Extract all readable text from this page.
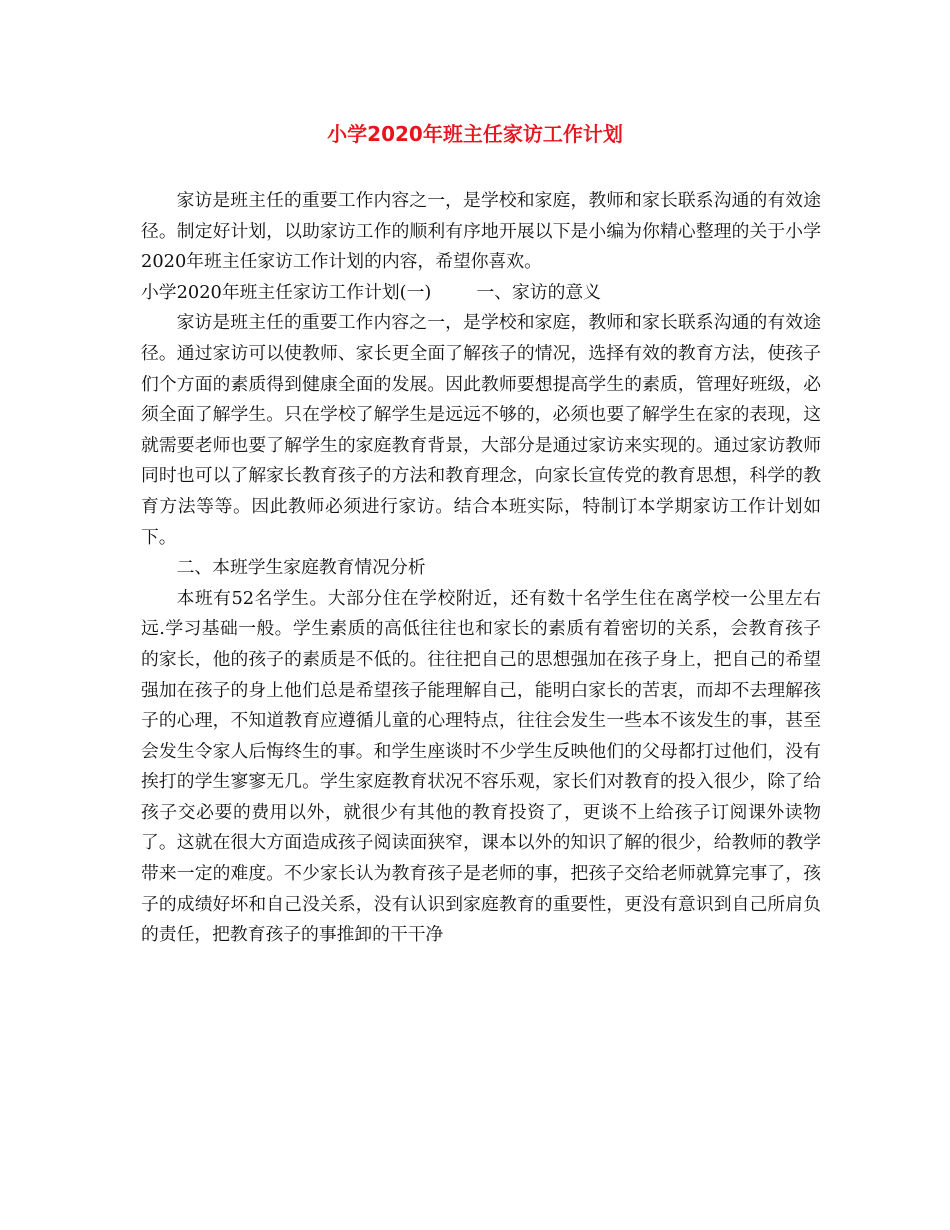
小学2020年班主任家访工作计划

家访是班主任的重要工作内容之一，是学校和家庭，教师和家长联系沟通的有效途径。制定好计划，以助家访工作的顺利有序地开展以下是小编为你精心整理的关于小学2020年班主任家访工作计划的内容，希望你喜欢。

小学2020年班主任家访工作计划(一)        一、家访的意义

家访是班主任的重要工作内容之一，是学校和家庭，教师和家长联系沟通的有效途径。通过家访可以使教师、家长更全面了解孩子的情况，选择有效的教育方法，使孩子们个方面的素质得到健康全面的发展。因此教师要想提高学生的素质，管理好班级，必须全面了解学生。只在学校了解学生是远远不够的，必须也要了解学生在家的表现，这就需要老师也要了解学生的家庭教育背景，大部分是通过家访来实现的。通过家访教师同时也可以了解家长教育孩子的方法和教育理念，向家长宣传党的教育思想，科学的教育方法等等。因此教师必须进行家访。结合本班实际，特制订本学期家访工作计划如下。

二、本班学生家庭教育情况分析

本班有52名学生。大部分住在学校附近，还有数十名学生住在离学校一公里左右远.学习基础一般。学生素质的高低往往也和家长的素质有着密切的关系，会教育孩子的家长，他的孩子的素质是不低的。往往把自己的思想强加在孩子身上，把自己的希望强加在孩子的身上他们总是希望孩子能理解自己，能明白家长的苦衷，而却不去理解孩子的心理，不知道教育应遵循儿童的心理特点，往往会发生一些本不该发生的事，甚至会发生令家人后悔终生的事。和学生座谈时不少学生反映他们的父母都打过他们，没有挨打的学生寥寥无几。学生家庭教育状况不容乐观，家长们对教育的投入很少，除了给孩子交必要的费用以外，就很少有其他的教育投资了，更谈不上给孩子订阅课外读物了。这就在很大方面造成孩子阅读面狭窄，课本以外的知识了解的很少，给教师的教学带来一定的难度。不少家长认为教育孩子是老师的事，把孩子交给老师就算完事了，孩子的成绩好坏和自己没关系，没有认识到家庭教育的重要性，更没有意识到自己所肩负的责任，把教育孩子的事推卸的干干净
